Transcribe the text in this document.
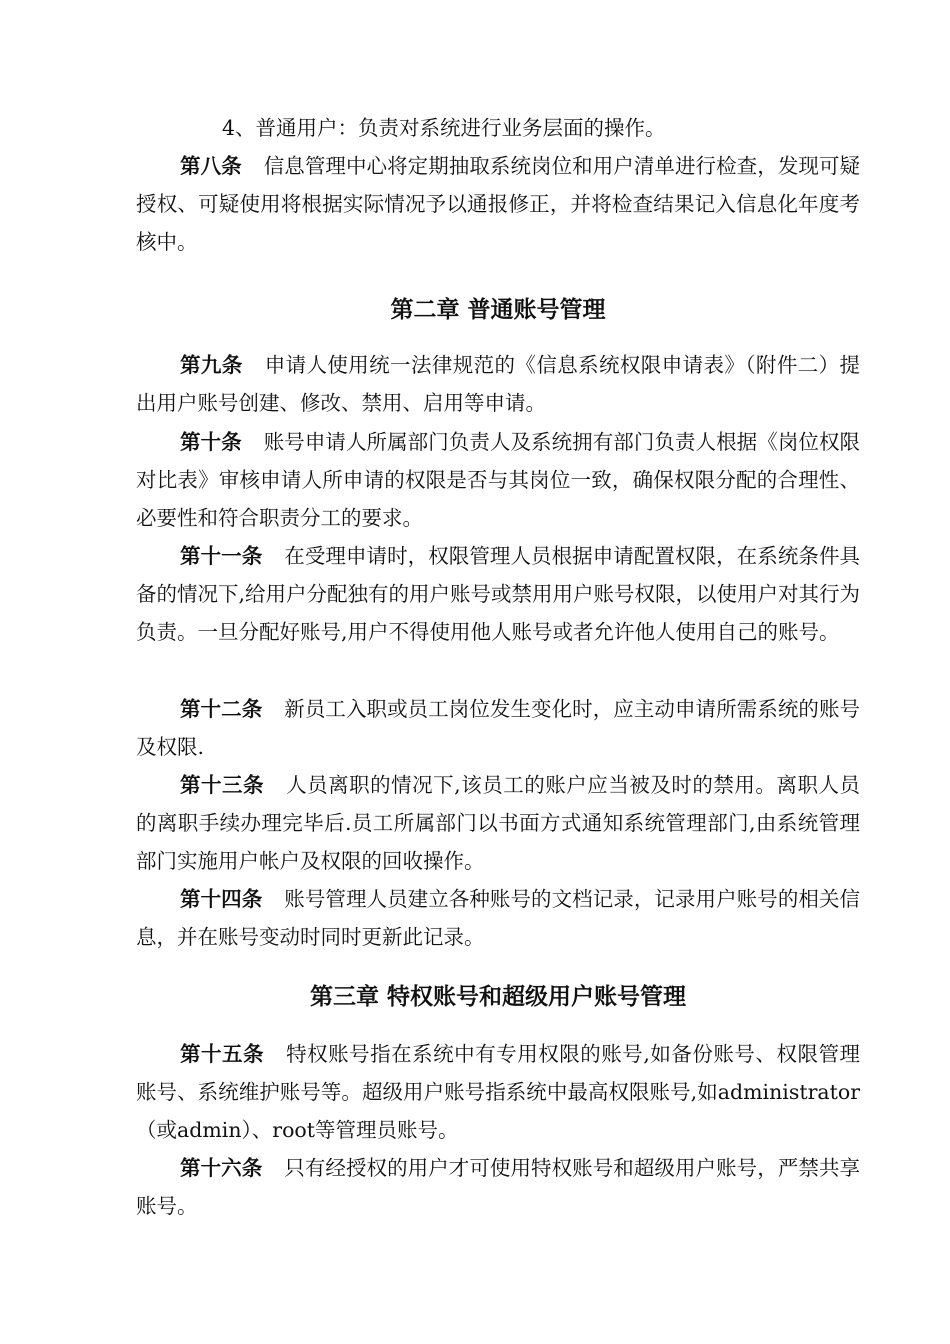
4、普通用户：负责对系统进行业务层面的操作。

第八条 信息管理中心将定期抽取系统岗位和用户清单进行检查，发现可疑授权、可疑使用将根据实际情况予以通报修正，并将检查结果记入信息化年度考核中。

第二章 普通账号管理

第九条 申请人使用统一法律规范的《信息系统权限申请表》（附件二）提出用户账号创建、修改、禁用、启用等申请。

第十条 账号申请人所属部门负责人及系统拥有部门负责人根据《岗位权限对比表》审核申请人所申请的权限是否与其岗位一致，确保权限分配的合理性、必要性和符合职责分工的要求。

第十一条 在受理申请时，权限管理人员根据申请配置权限，在系统条件具备的情况下,给用户分配独有的用户账号或禁用用户账号权限，以使用户对其行为负责。一旦分配好账号,用户不得使用他人账号或者允许他人使用自己的账号。

第十二条 新员工入职或员工岗位发生变化时，应主动申请所需系统的账号及权限.

第十三条 人员离职的情况下,该员工的账户应当被及时的禁用。离职人员的离职手续办理完毕后.员工所属部门以书面方式通知系统管理部门,由系统管理部门实施用户帐户及权限的回收操作。

第十四条 账号管理人员建立各种账号的文档记录，记录用户账号的相关信息，并在账号变动时同时更新此记录。

第三章 特权账号和超级用户账号管理

第十五条 特权账号指在系统中有专用权限的账号,如备份账号、权限管理账号、系统维护账号等。超级用户账号指系统中最高权限账号,如administrator（或admin）、root等管理员账号。

第十六条 只有经授权的用户才可使用特权账号和超级用户账号，严禁共享账号。
